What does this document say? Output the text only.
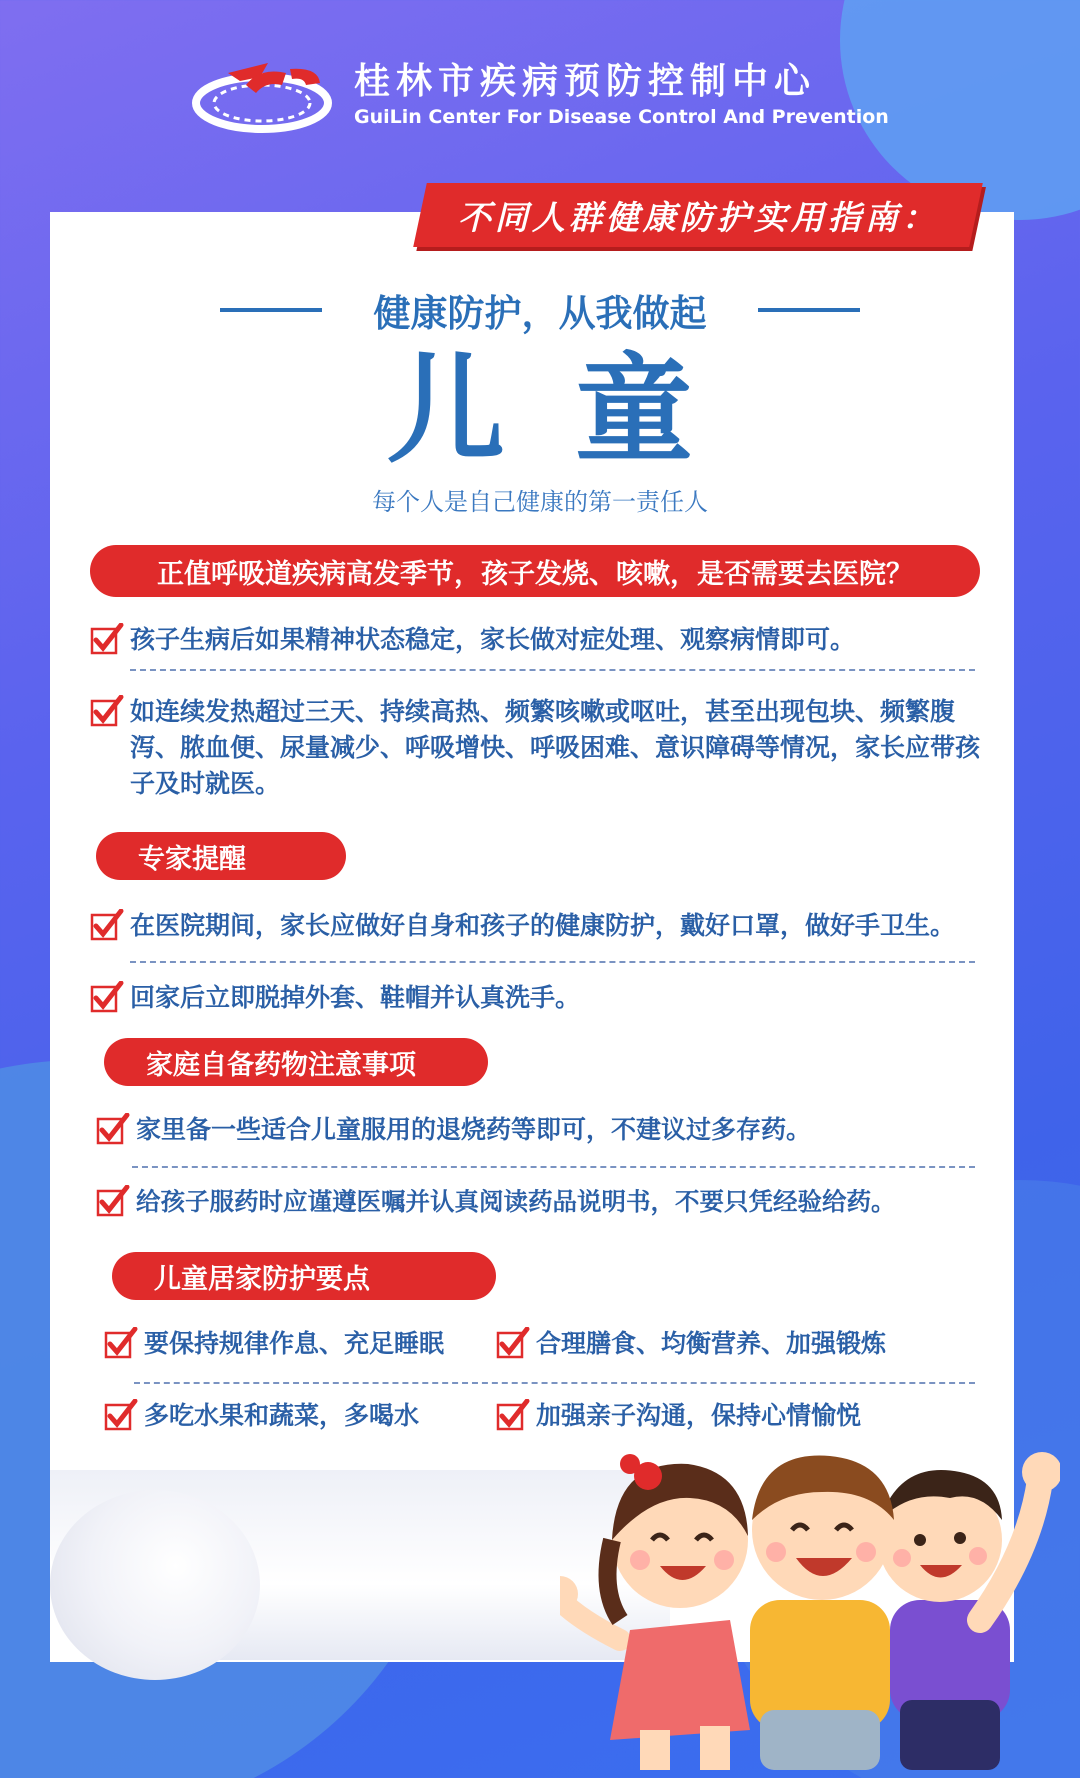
桂林市疾病预防控制中心
GuiLin Center For Disease Control And Prevention
不同人群健康防护实用指南：
健康防护，从我做起
儿童
每个人是自己健康的第一责任人
正值呼吸道疾病高发季节，孩子发烧、咳嗽，是否需要去医院？
孩子生病后如果精神状态稳定，家长做对症处理、观察病情即可。
如连续发热超过三天、持续高热、频繁咳嗽或呕吐，甚至出现包块、频繁腹泻、脓血便、尿量减少、呼吸增快、呼吸困难、意识障碍等情况，家长应带孩子及时就医。
专家提醒
在医院期间，家长应做好自身和孩子的健康防护，戴好口罩，做好手卫生。
回家后立即脱掉外套、鞋帽并认真洗手。
家庭自备药物注意事项
家里备一些适合儿童服用的退烧药等即可，不建议过多存药。
给孩子服药时应谨遵医嘱并认真阅读药品说明书，不要只凭经验给药。
儿童居家防护要点
要保持规律作息、充足睡眠	合理膳食、均衡营养、加强锻炼
多吃水果和蔬菜，多喝水	加强亲子沟通，保持心情愉悦
